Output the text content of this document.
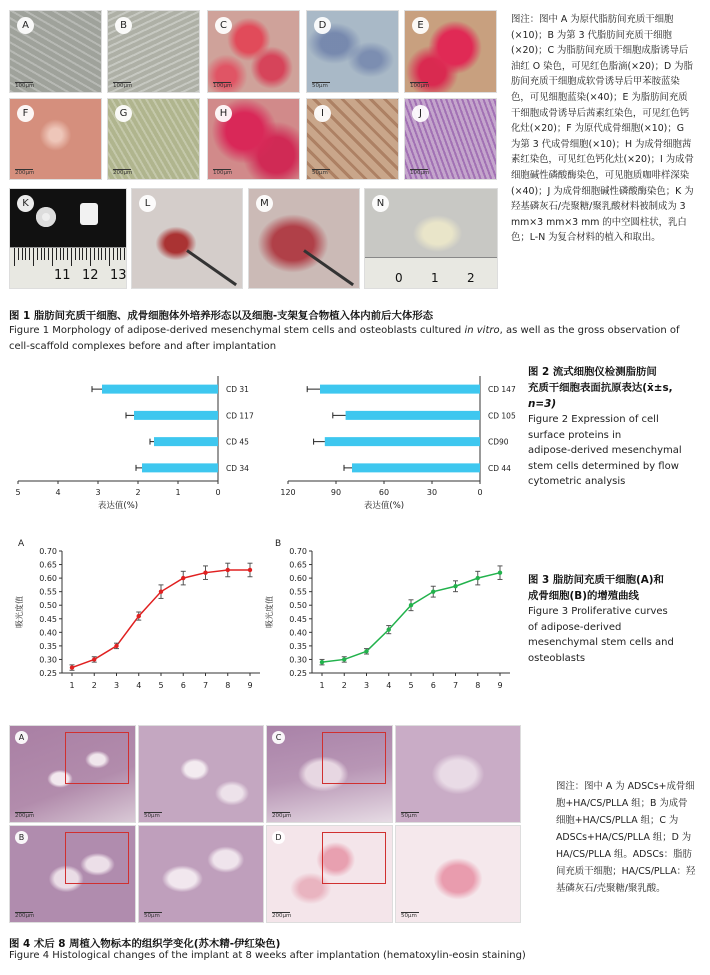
A
100μm
B
100μm
C
100μm
D
50μm
E
100μm
F
200μm
G
200μm
H
100μm
I
50μm
J
100μm
K
11 12 13
L	M	N
0 1 2
图注：图中 A 为原代脂肪间充质干细胞(×10)；B 为第 3 代脂肪间充质干细胞(×20)；C 为脂肪间充质干细胞成脂诱导后油红 O 染色，可见红色脂滴(×20)；D 为脂肪间充质干细胞成软骨诱导后甲苯胺蓝染色，可见细胞蓝染(×40)；E 为脂肪间充质干细胞成骨诱导后茜素红染色，可见红色钙化灶(×20)；F 为原代成骨细胞(×10)；G 为第 3 代成骨细胞(×10)；H 为成骨细胞茜素红染色，可见红色钙化灶(×20)；I 为成骨细胞碱性磷酸酶染色，可见胞质咖啡样深染(×40)；J 为成骨细胞碱性磷酸酶染色；K 为羟基磷灰石/壳聚糖/聚乳酸材料被制成为 3 mm×3 mm×3 mm 的中空圆柱状，乳白色；L-N 为复合材料的植入和取出。
图 1 脂肪间充质干细胞、成骨细胞体外培养形态以及细胞-支架复合物植入体内前后大体形态
Figure 1 Morphology of adipose-derived mesenchymal stem cells and osteoblasts cultured in vitro, as well as the gross observation of
cell-scaffold complexes before and after implantation
5	4	3	2	1	0
表达值(%)
CD 31
CD 117
CD 45
CD 34
120	90	60	30	0
表达值(%)
CD 147
CD 105
CD90
CD 44
图 2 流式细胞仪检测脂肪间
充质干细胞表面抗原表达(x̄±s,
n=3)
Figure 2 Expression of cell
surface proteins in
adipose-derived mesenchymal
stem cells determined by flow
cytometric analysis
A
0.25
0.30
0.35
0.40
0.45
0.50
0.55
0.60
0.65
0.70
1 2 3 4 5 6 7 8 9
吸光度值
B
0.25
0.30
0.35
0.40
0.45
0.50
0.55
0.60
0.65
0.70
1 2 3 4 5 6 7 8 9
吸光度值
图 3 脂肪间充质干细胞(A)和
成骨细胞(B)的增殖曲线
Figure 3 Proliferative curves
of adipose-derived
mesenchymal stem cells and
osteoblasts
A
200μm	50μm
C
200μm	50μm
B
200μm	50μm
D
200μm	50μm
图注：图中 A 为 ADSCs+成骨细胞+HA/CS/PLLA 组；B 为成骨细胞+HA/CS/PLLA 组；C 为 ADSCs+HA/CS/PLLA 组；D 为 HA/CS/PLLA 组。ADSCs：脂肪间充质干细胞；HA/CS/PLLA：羟基磷灰石/壳聚糖/聚乳酸。
图 4 术后 8 周植入物标本的组织学变化(苏木精-伊红染色)
Figure 4 Histological changes of the implant at 8 weeks after implantation (hematoxylin-eosin staining)
